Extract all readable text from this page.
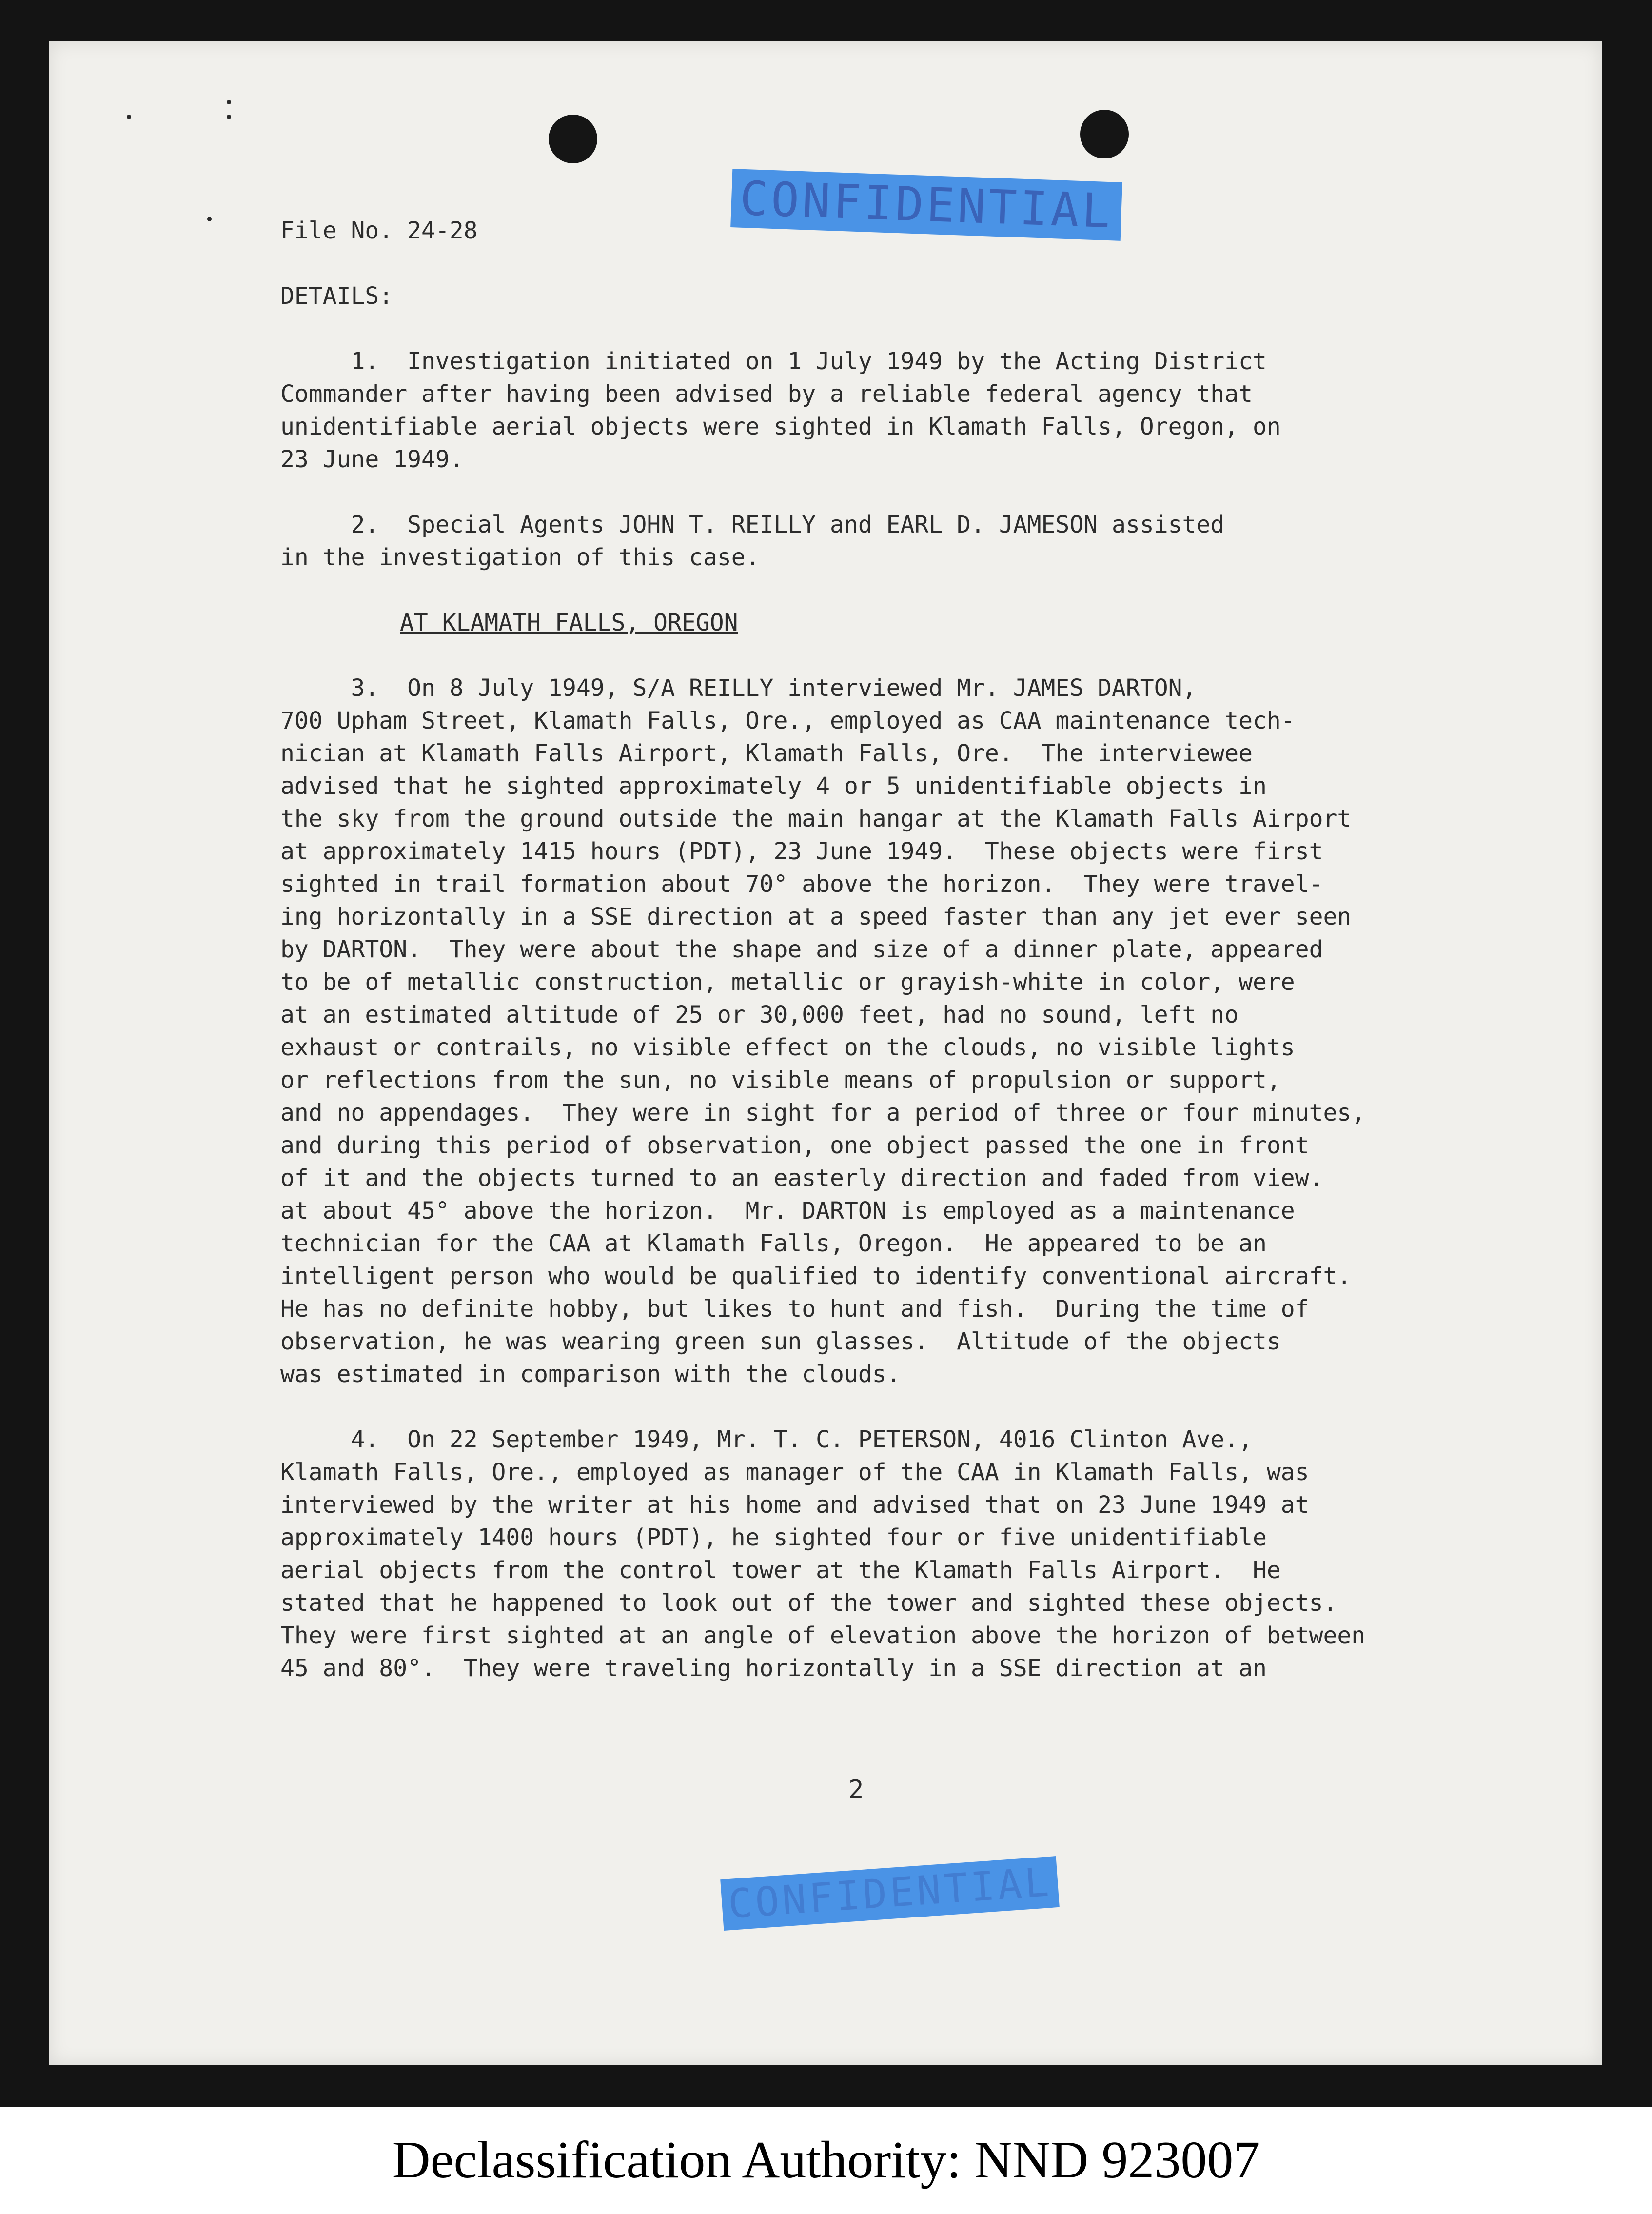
CONFIDENTIAL

File No. 24-28

DETAILS:

1.  Investigation initiated on 1 July 1949 by the Acting District

Commander after having been advised by a reliable federal agency that

unidentifiable aerial objects were sighted in Klamath Falls, Oregon, on

23 June 1949.

2.  Special Agents JOHN T. REILLY and EARL D. JAMESON assisted

in the investigation of this case.

AT KLAMATH FALLS, OREGON

3.  On 8 July 1949, S/A REILLY interviewed Mr. JAMES DARTON,

700 Upham Street, Klamath Falls, Ore., employed as CAA maintenance tech-

nician at Klamath Falls Airport, Klamath Falls, Ore.  The interviewee

advised that he sighted approximately 4 or 5 unidentifiable objects in

the sky from the ground outside the main hangar at the Klamath Falls Airport

at approximately 1415 hours (PDT), 23 June 1949.  These objects were first

sighted in trail formation about 70° above the horizon.  They were travel-

ing horizontally in a SSE direction at a speed faster than any jet ever seen

by DARTON.  They were about the shape and size of a dinner plate, appeared

to be of metallic construction, metallic or grayish-white in color, were

at an estimated altitude of 25 or 30,000 feet, had no sound, left no

exhaust or contrails, no visible effect on the clouds, no visible lights

or reflections from the sun, no visible means of propulsion or support,

and no appendages.  They were in sight for a period of three or four minutes,

and during this period of observation, one object passed the one in front

of it and the objects turned to an easterly direction and faded from view.

at about 45° above the horizon.  Mr. DARTON is employed as a maintenance

technician for the CAA at Klamath Falls, Oregon.  He appeared to be an

intelligent person who would be qualified to identify conventional aircraft.

He has no definite hobby, but likes to hunt and fish.  During the time of

observation, he was wearing green sun glasses.  Altitude of the objects

was estimated in comparison with the clouds.

4.  On 22 September 1949, Mr. T. C. PETERSON, 4016 Clinton Ave.,

Klamath Falls, Ore., employed as manager of the CAA in Klamath Falls, was

interviewed by the writer at his home and advised that on 23 June 1949 at

approximately 1400 hours (PDT), he sighted four or five unidentifiable

aerial objects from the control tower at the Klamath Falls Airport.  He

stated that he happened to look out of the tower and sighted these objects.

They were first sighted at an angle of elevation above the horizon of between

45 and 80°.  They were traveling horizontally in a SSE direction at an

2
CONFIDENTIAL
Declassification Authority: NND 923007
